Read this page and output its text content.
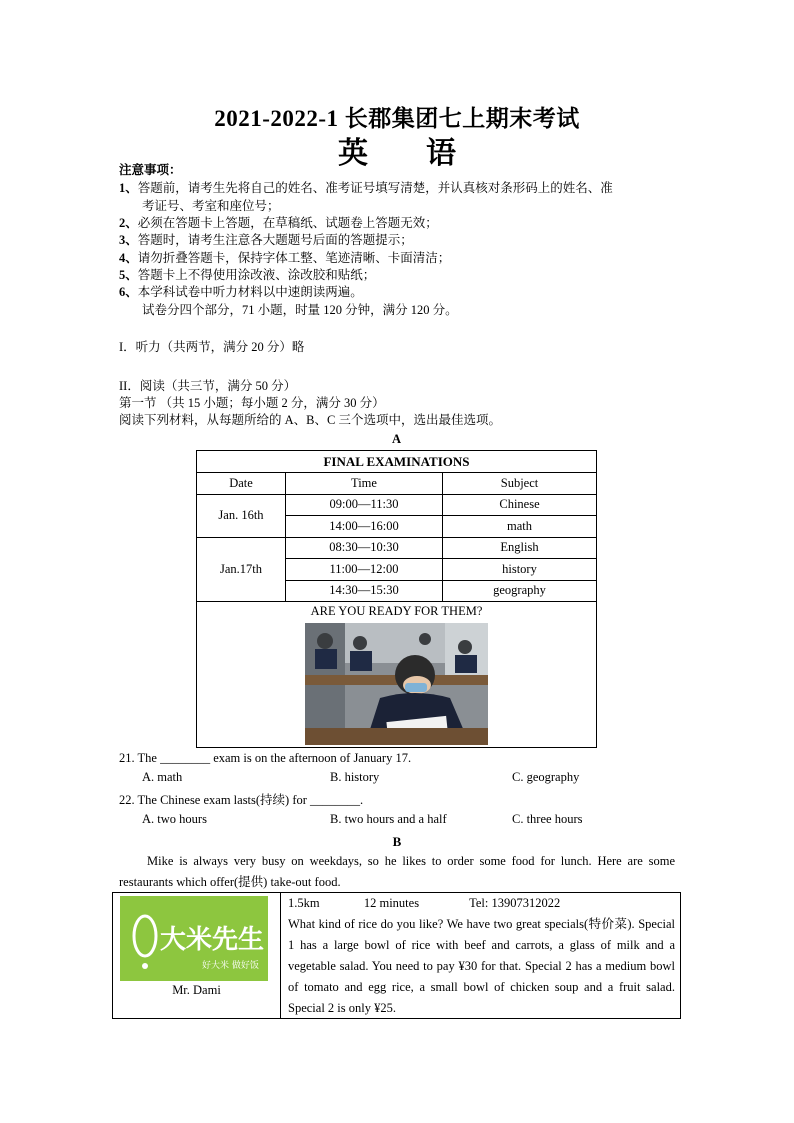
2021-2022-1 长郡集团七上期末考试
英 语
注意事项：
1、答题前，请考生先将自己的姓名、准考证号填写清楚，并认真核对条形码上的姓名、准
考证号、考室和座位号；
2、必须在答题卡上答题，在草稿纸、试题卷上答题无效；
3、答题时，请考生注意各大题题号后面的答题提示；
4、请勿折叠答题卡，保持字体工整、笔迹清晰、卡面清洁；
5、答题卡上不得使用涂改液、涂改胶和贴纸；
6、本学科试卷中听力材料以中速朗读两遍。
试卷分四个部分，71 小题，时量 120 分钟，满分 120 分。
I．听力（共两节，满分 20 分）略
II．阅读（共三节，满分 50 分）
第一节 （共 15 小题；每小题 2 分，满分 30 分）
阅读下列材料，从每题所给的 A、B、C 三个选项中，选出最佳选项。
A
FINAL EXAMINATIONS		
Date	Time	Subject
Jan. 16th	09:00—11:30	Chinese
	14:00—16:00	math
Jan.17th	08:30—10:30	English
	11:00—12:00	history
	14:30—15:30	geography

ARE YOU READY FOR THEM?		
21. The ________ exam is on the afternoon of January 17.
A. math	B. history	C. geography
22. The Chinese exam lasts(持续) for ________.
A. two hours	B. two hours and a half	C. three hours
B
Mike is always very busy on weekdays, so he likes to order some food for lunch. Here are some restaurants which offer(提供) take-out food.
大米先生
好大米 做好饭
Mr. Dami
1.5km	12 minutes	Tel: 13907312022
What kind of rice do you like? We have two great specials(特价菜). Special 1 has a large bowl of rice with beef and carrots, a glass of milk and a vegetable salad. You need to pay ¥30 for that. Special 2 has a medium bowl of tomato and egg rice, a small bowl of chicken soup and a fruit salad. Special 2 is only ¥25.
